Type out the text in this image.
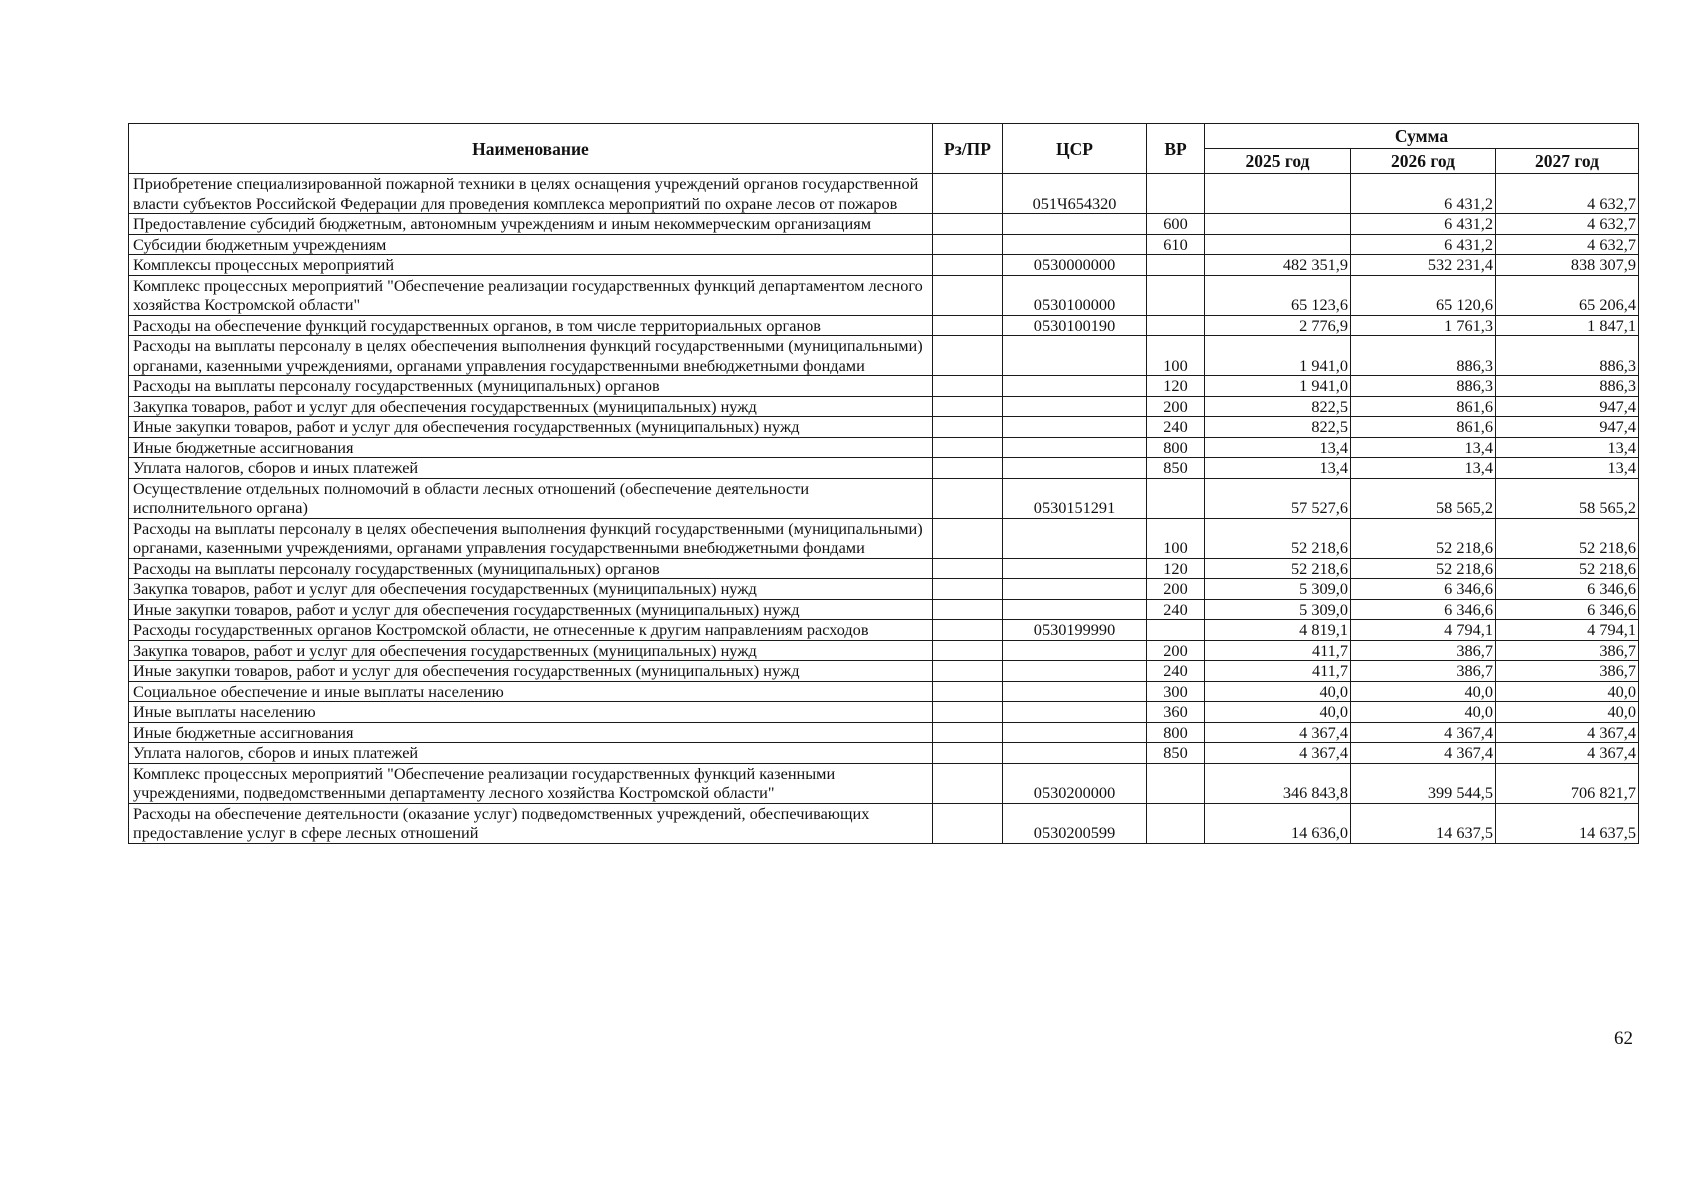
Наименование	Рз/ПР	ЦСР	ВР	Сумма		
				2025 год	2026 год	2027 год
Приобретение специализированной пожарной техники в целях оснащения учреждений органов государственной власти субъектов Российской Федерации для проведения комплекса мероприятий по охране лесов от пожаров		051Ч654320			6 431,2	4 632,7
Предоставление субсидий бюджетным, автономным учреждениям и иным некоммерческим организациям			600		6 431,2	4 632,7
Субсидии бюджетным учреждениям			610		6 431,2	4 632,7
Комплексы процессных мероприятий		0530000000		482 351,9	532 231,4	838 307,9
Комплекс процессных мероприятий "Обеспечение реализации государственных функций департаментом лесного хозяйства Костромской области"		0530100000		65 123,6	65 120,6	65 206,4
Расходы на обеспечение функций государственных органов, в том числе территориальных органов		0530100190		2 776,9	1 761,3	1 847,1
Расходы на выплаты персоналу в целях обеспечения выполнения функций государственными (муниципальными) органами, казенными учреждениями, органами управления государственными внебюджетными фондами			100	1 941,0	886,3	886,3
Расходы на выплаты персоналу государственных (муниципальных) органов			120	1 941,0	886,3	886,3
Закупка товаров, работ и услуг для обеспечения государственных (муниципальных) нужд			200	822,5	861,6	947,4
Иные закупки товаров, работ и услуг для обеспечения государственных (муниципальных) нужд			240	822,5	861,6	947,4
Иные бюджетные ассигнования			800	13,4	13,4	13,4
Уплата налогов, сборов и иных платежей			850	13,4	13,4	13,4
Осуществление отдельных полномочий в области лесных отношений (обеспечение деятельности исполнительного органа)		0530151291		57 527,6	58 565,2	58 565,2
Расходы на выплаты персоналу в целях обеспечения выполнения функций государственными (муниципальными) органами, казенными учреждениями, органами управления государственными внебюджетными фондами			100	52 218,6	52 218,6	52 218,6
Расходы на выплаты персоналу государственных (муниципальных) органов			120	52 218,6	52 218,6	52 218,6
Закупка товаров, работ и услуг для обеспечения государственных (муниципальных) нужд			200	5 309,0	6 346,6	6 346,6
Иные закупки товаров, работ и услуг для обеспечения государственных (муниципальных) нужд			240	5 309,0	6 346,6	6 346,6
Расходы государственных органов Костромской области, не отнесенные к другим направлениям расходов		0530199990		4 819,1	4 794,1	4 794,1
Закупка товаров, работ и услуг для обеспечения государственных (муниципальных) нужд			200	411,7	386,7	386,7
Иные закупки товаров, работ и услуг для обеспечения государственных (муниципальных) нужд			240	411,7	386,7	386,7
Социальное обеспечение и иные выплаты населению			300	40,0	40,0	40,0
Иные выплаты населению			360	40,0	40,0	40,0
Иные бюджетные ассигнования			800	4 367,4	4 367,4	4 367,4
Уплата налогов, сборов и иных платежей			850	4 367,4	4 367,4	4 367,4
Комплекс процессных мероприятий "Обеспечение реализации государственных функций казенными учреждениями, подведомственными департаменту лесного хозяйства Костромской области"		0530200000		346 843,8	399 544,5	706 821,7
Расходы на обеспечение деятельности (оказание услуг) подведомственных учреждений, обеспечивающих предоставление услуг в сфере лесных отношений		0530200599		14 636,0	14 637,5	14 637,5
62
